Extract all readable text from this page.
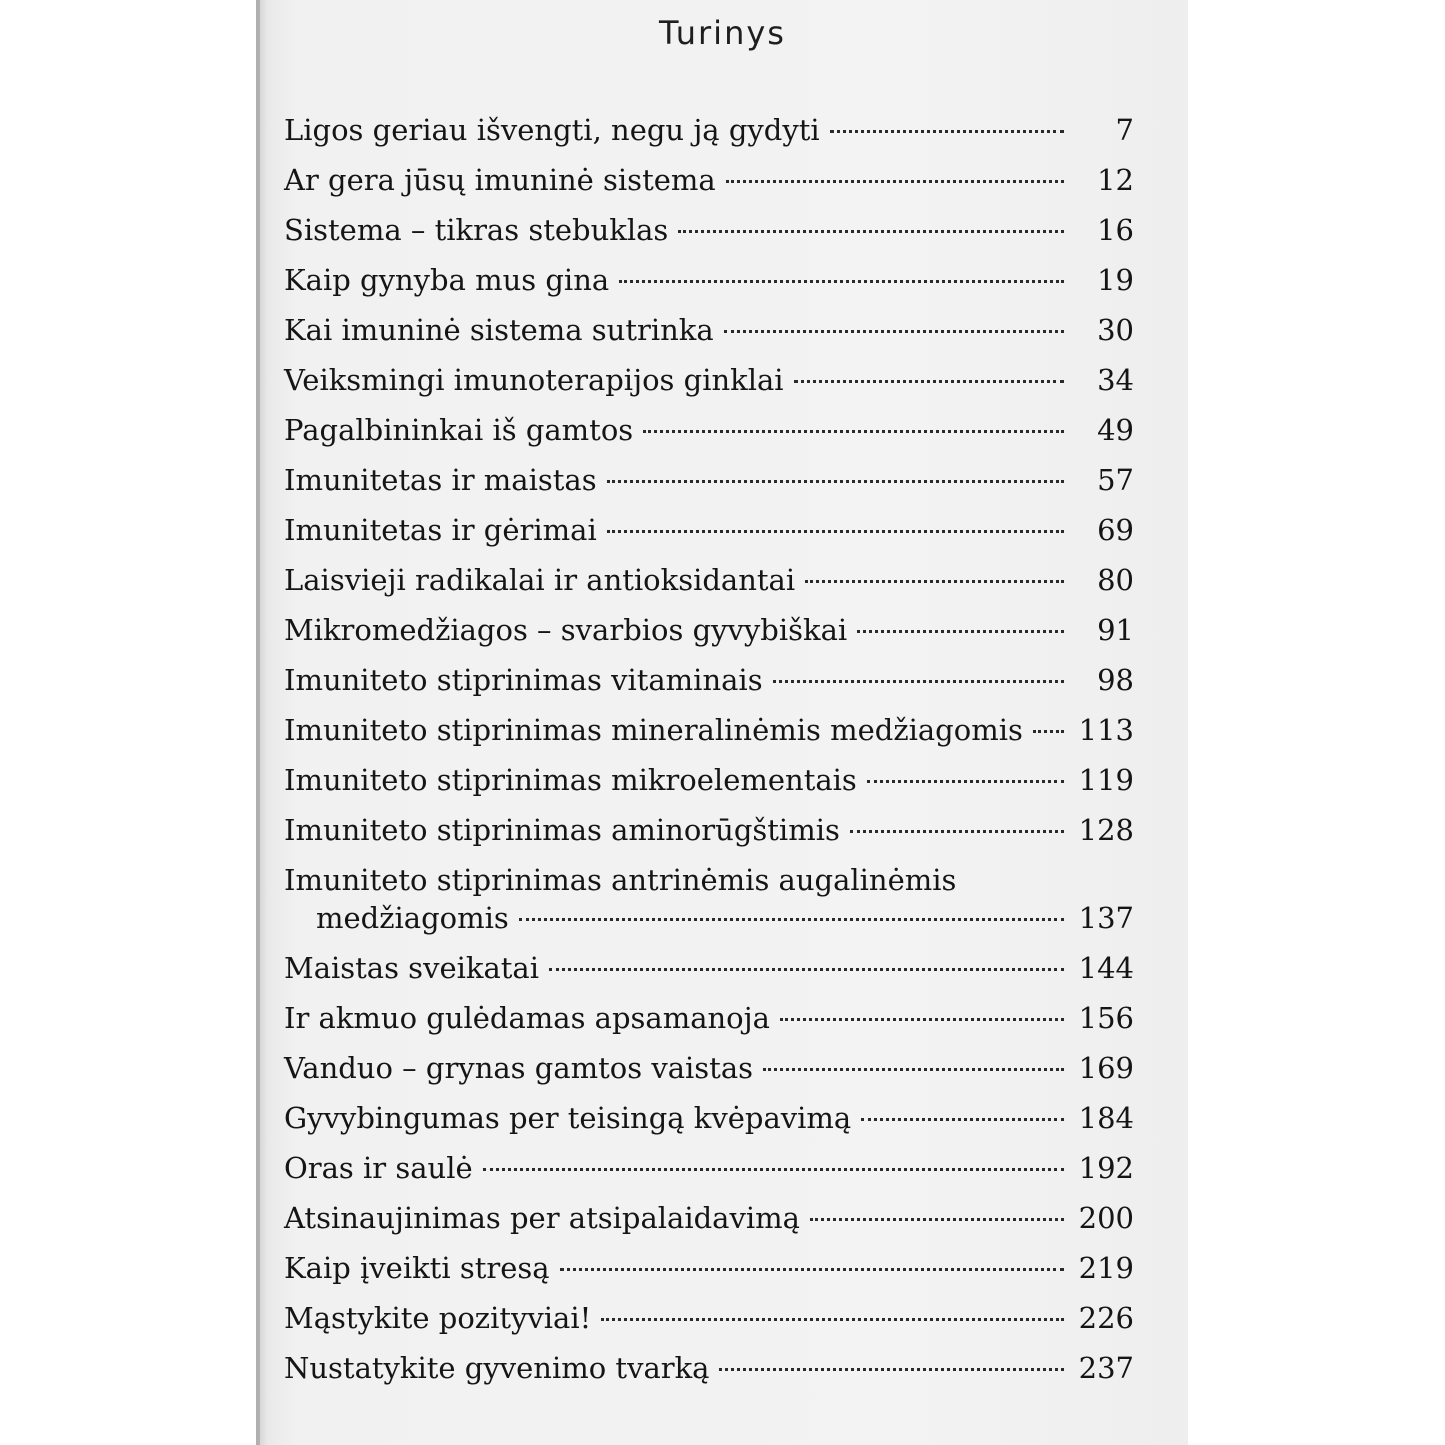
Turinys
Ligos geriau išvengti, negu ją gydyti	7
Ar gera jūsų imuninė sistema	12
Sistema – tikras stebuklas	16
Kaip gynyba mus gina	19
Kai imuninė sistema sutrinka	30
Veiksmingi imunoterapijos ginklai	34
Pagalbininkai iš gamtos	49
Imunitetas ir maistas	57
Imunitetas ir gėrimai	69
Laisvieji radikalai ir antioksidantai	80
Mikromedžiagos – svarbios gyvybiškai	91
Imuniteto stiprinimas vitaminais	98
Imuniteto stiprinimas mineralinėmis medžiagomis 113
Imuniteto stiprinimas mikroelementais	119
Imuniteto stiprinimas aminorūgštimis	128
Imuniteto stiprinimas antrinėmis augalinėmis
medžiagomis	137
Maistas sveikatai	144
Ir akmuo gulėdamas apsamanoja	156
Vanduo – grynas gamtos vaistas	169
Gyvybingumas per teisingą kvėpavimą	184
Oras ir saulė	192
Atsinaujinimas per atsipalaidavimą	200
Kaip įveikti stresą	219
Mąstykite pozityviai!	226
Nustatykite gyvenimo tvarką	237
